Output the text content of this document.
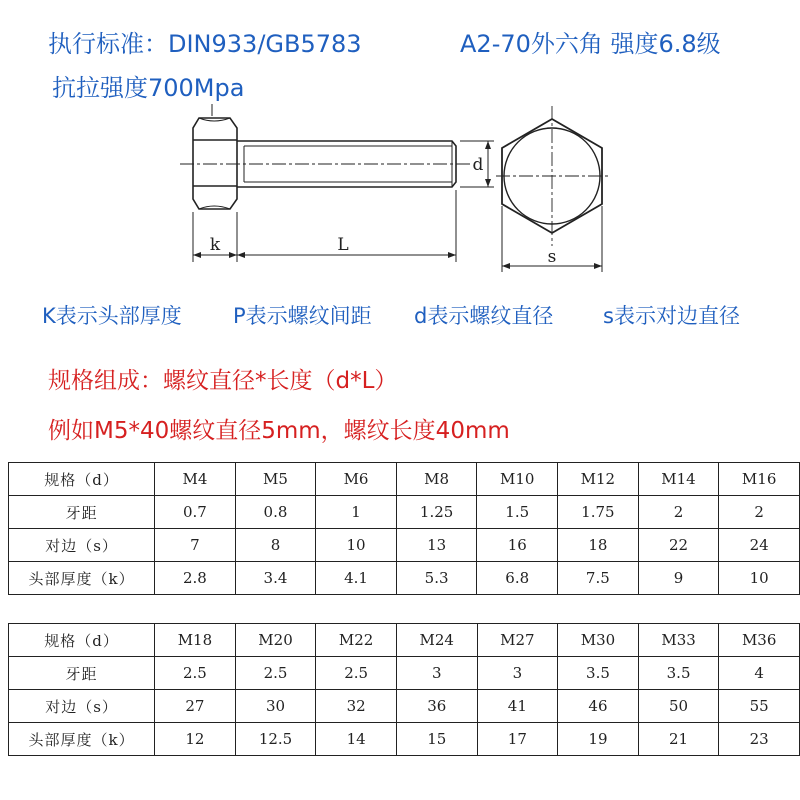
执行标准：DIN933/GB5783	A2-70外六角 强度6.8级
抗拉强度700Mpa
k	L
d
s
K表示头部厚度 P表示螺纹间距 d表示螺纹直径 s表示对边直径
规格组成：螺纹直径*长度（d*L）
例如M5*40螺纹直径5mm，螺纹长度40mm
规格（d）	M4	M5	M6	M8	M10	M12	M14	M16
牙距	0.7	0.8	1	1.25	1.5	1.75	2	2
对边（s）	7	8	10	13	16	18	22	24
头部厚度（k）	2.8	3.4	4.1	5.3	6.8	7.5	9	10
规格（d）	M18	M20	M22	M24	M27	M30	M33	M36
牙距	2.5	2.5	2.5	3	3	3.5	3.5	4
对边（s）	27	30	32	36	41	46	50	55
头部厚度（k）	12	12.5	14	15	17	19	21	23
